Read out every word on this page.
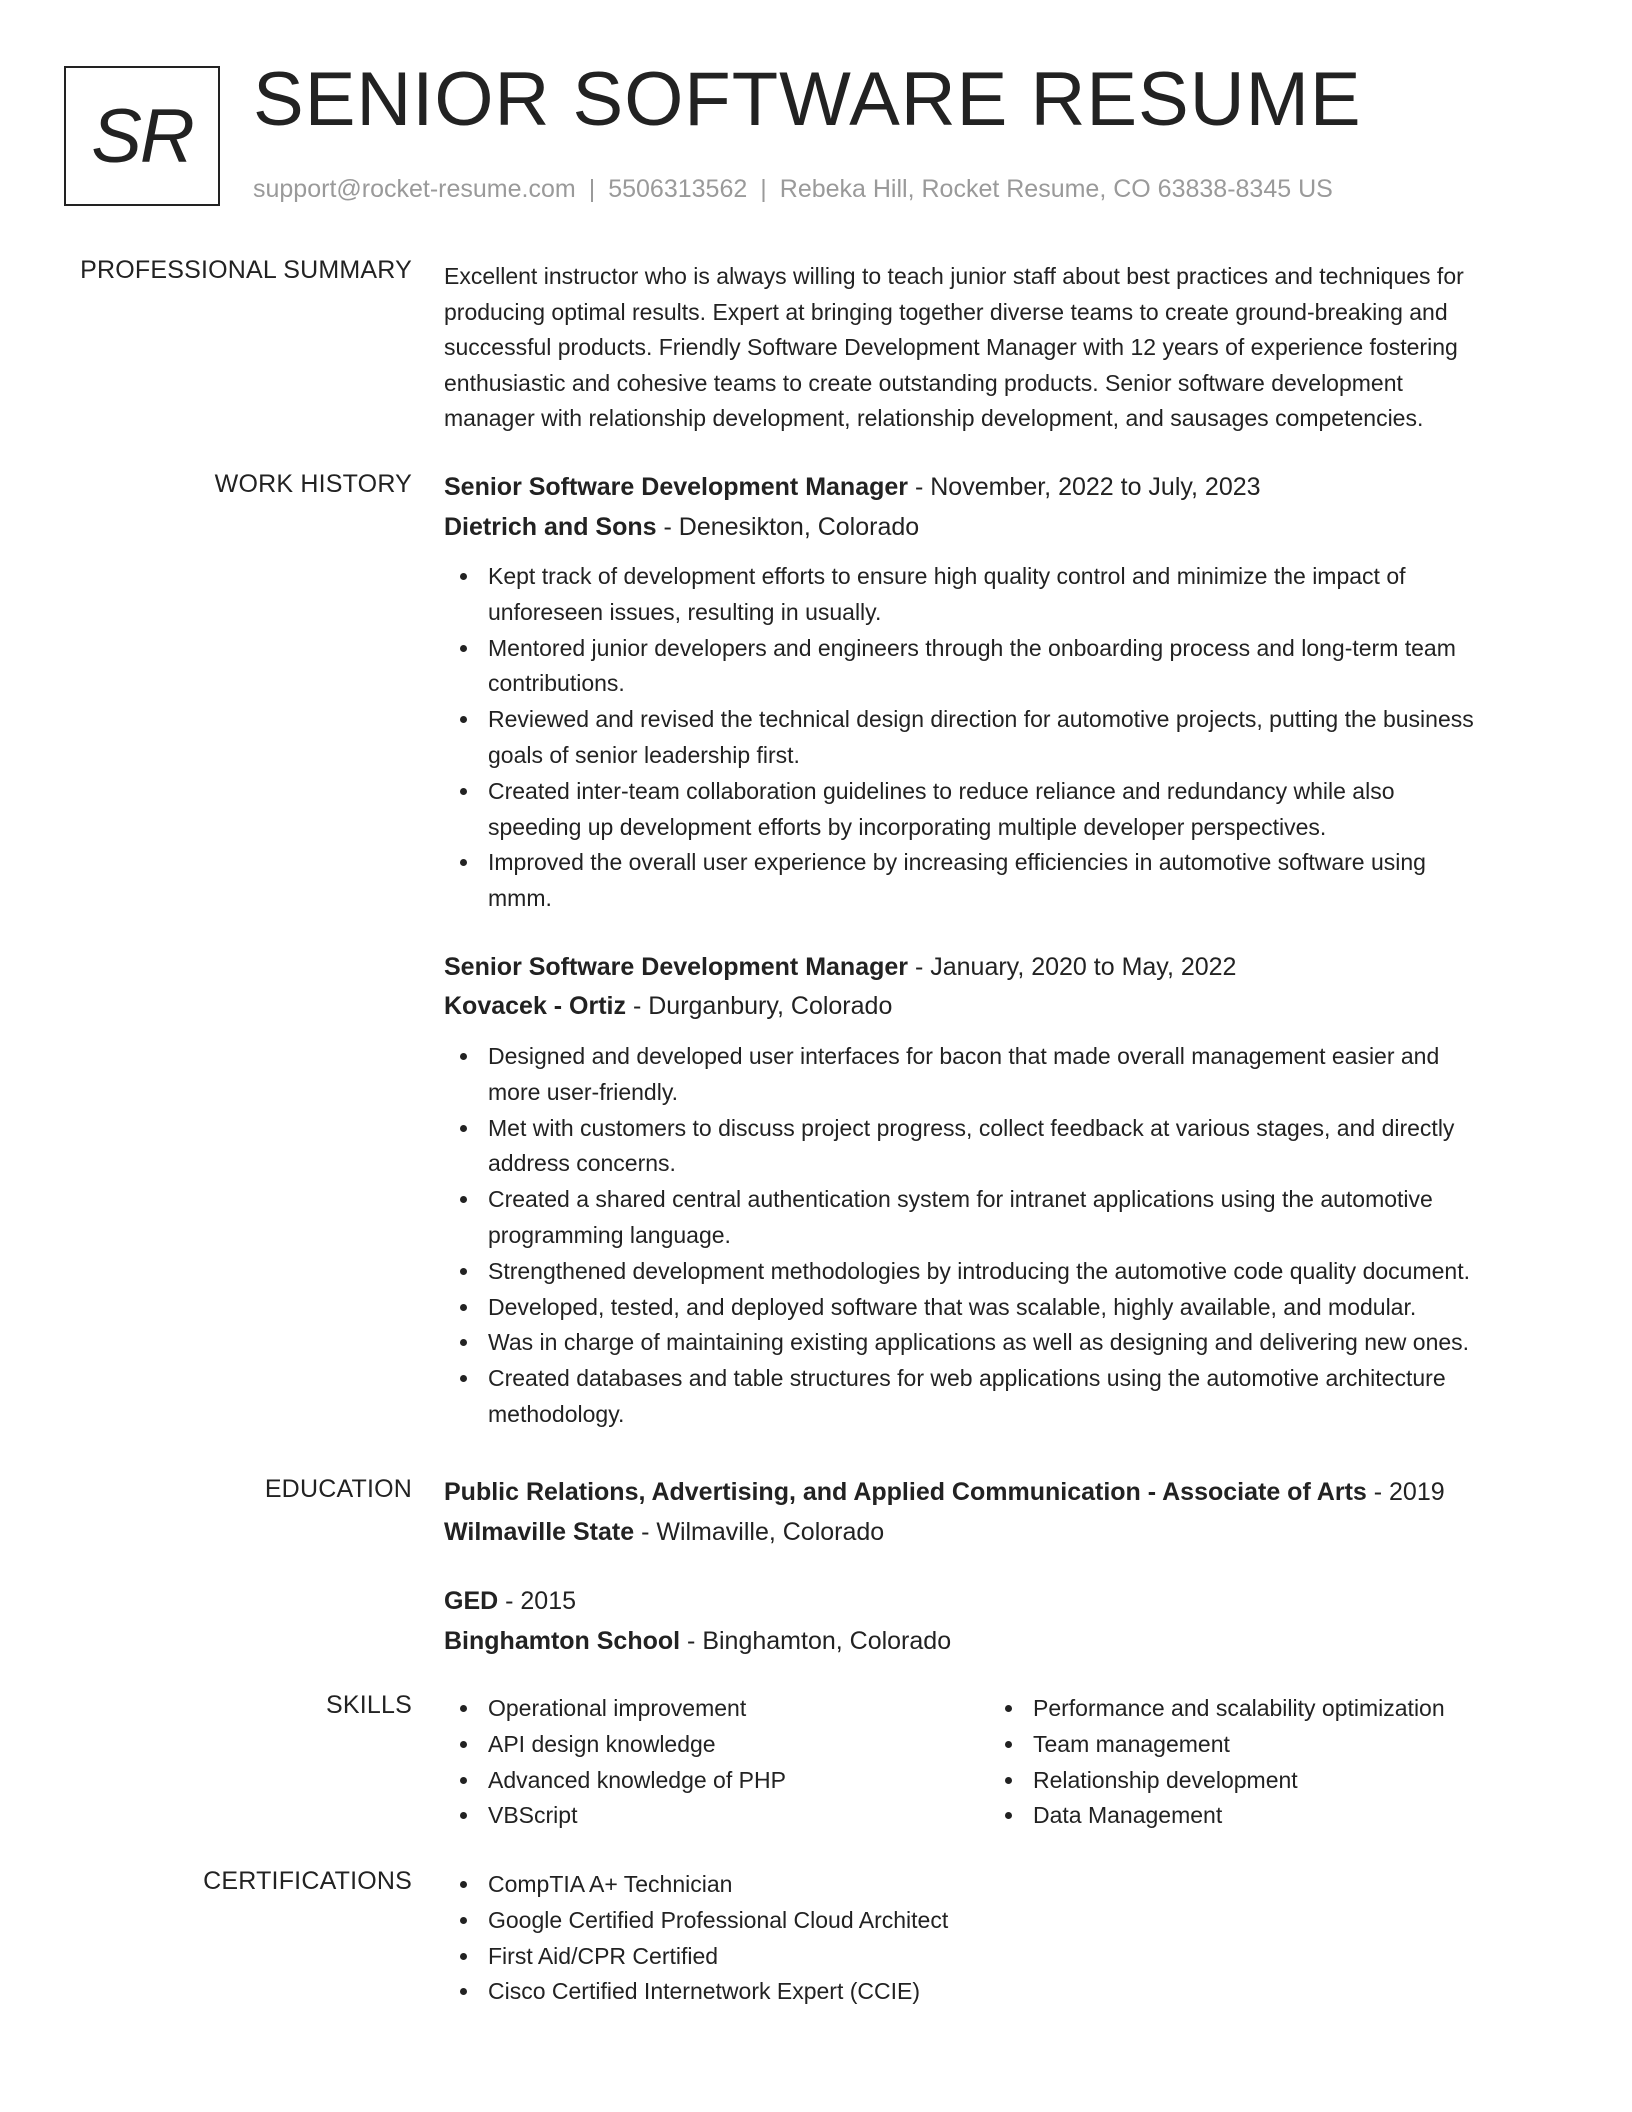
SR SENIOR SOFTWARE RESUME
support@rocket-resume.com | 5506313562 | Rebeka Hill, Rocket Resume, CO 63838-8345 US
PROFESSIONAL SUMMARY Excellent instructor who is always willing to teach junior staff about best practices and techniques for
producing optimal results. Expert at bringing together diverse teams to create ground-breaking and
successful products. Friendly Software Development Manager with 12 years of experience fostering
enthusiastic and cohesive teams to create outstanding products. Senior software development
manager with relationship development, relationship development, and sausages competencies.
WORK HISTORY Senior Software Development Manager - November, 2022 to July, 2023
Dietrich and Sons - Denesikton, Colorado
Kept track of development efforts to ensure high quality control and minimize the impact of
unforeseen issues, resulting in usually.
Mentored junior developers and engineers through the onboarding process and long-term team
contributions.
Reviewed and revised the technical design direction for automotive projects, putting the business
goals of senior leadership first.
Created inter-team collaboration guidelines to reduce reliance and redundancy while also
speeding up development efforts by incorporating multiple developer perspectives.
Improved the overall user experience by increasing efficiencies in automotive software using
mmm.
Senior Software Development Manager - January, 2020 to May, 2022
Kovacek - Ortiz - Durganbury, Colorado
Designed and developed user interfaces for bacon that made overall management easier and
more user-friendly.
Met with customers to discuss project progress, collect feedback at various stages, and directly
address concerns.
Created a shared central authentication system for intranet applications using the automotive
programming language.
Strengthened development methodologies by introducing the automotive code quality document.
Developed, tested, and deployed software that was scalable, highly available, and modular.
Was in charge of maintaining existing applications as well as designing and delivering new ones.
Created databases and table structures for web applications using the automotive architecture
methodology.
EDUCATION Public Relations, Advertising, and Applied Communication - Associate of Arts - 2019
Wilmaville State - Wilmaville, Colorado
GED - 2015
Binghamton School - Binghamton, Colorado
SKILLS	Operational improvement
API design knowledge
Advanced knowledge of PHP
VBScript
Performance and scalability optimization
Team management
Relationship development
Data Management
CERTIFICATIONS	CompTIA A+ Technician
Google Certified Professional Cloud Architect
First Aid/CPR Certified
Cisco Certified Internetwork Expert (CCIE)
